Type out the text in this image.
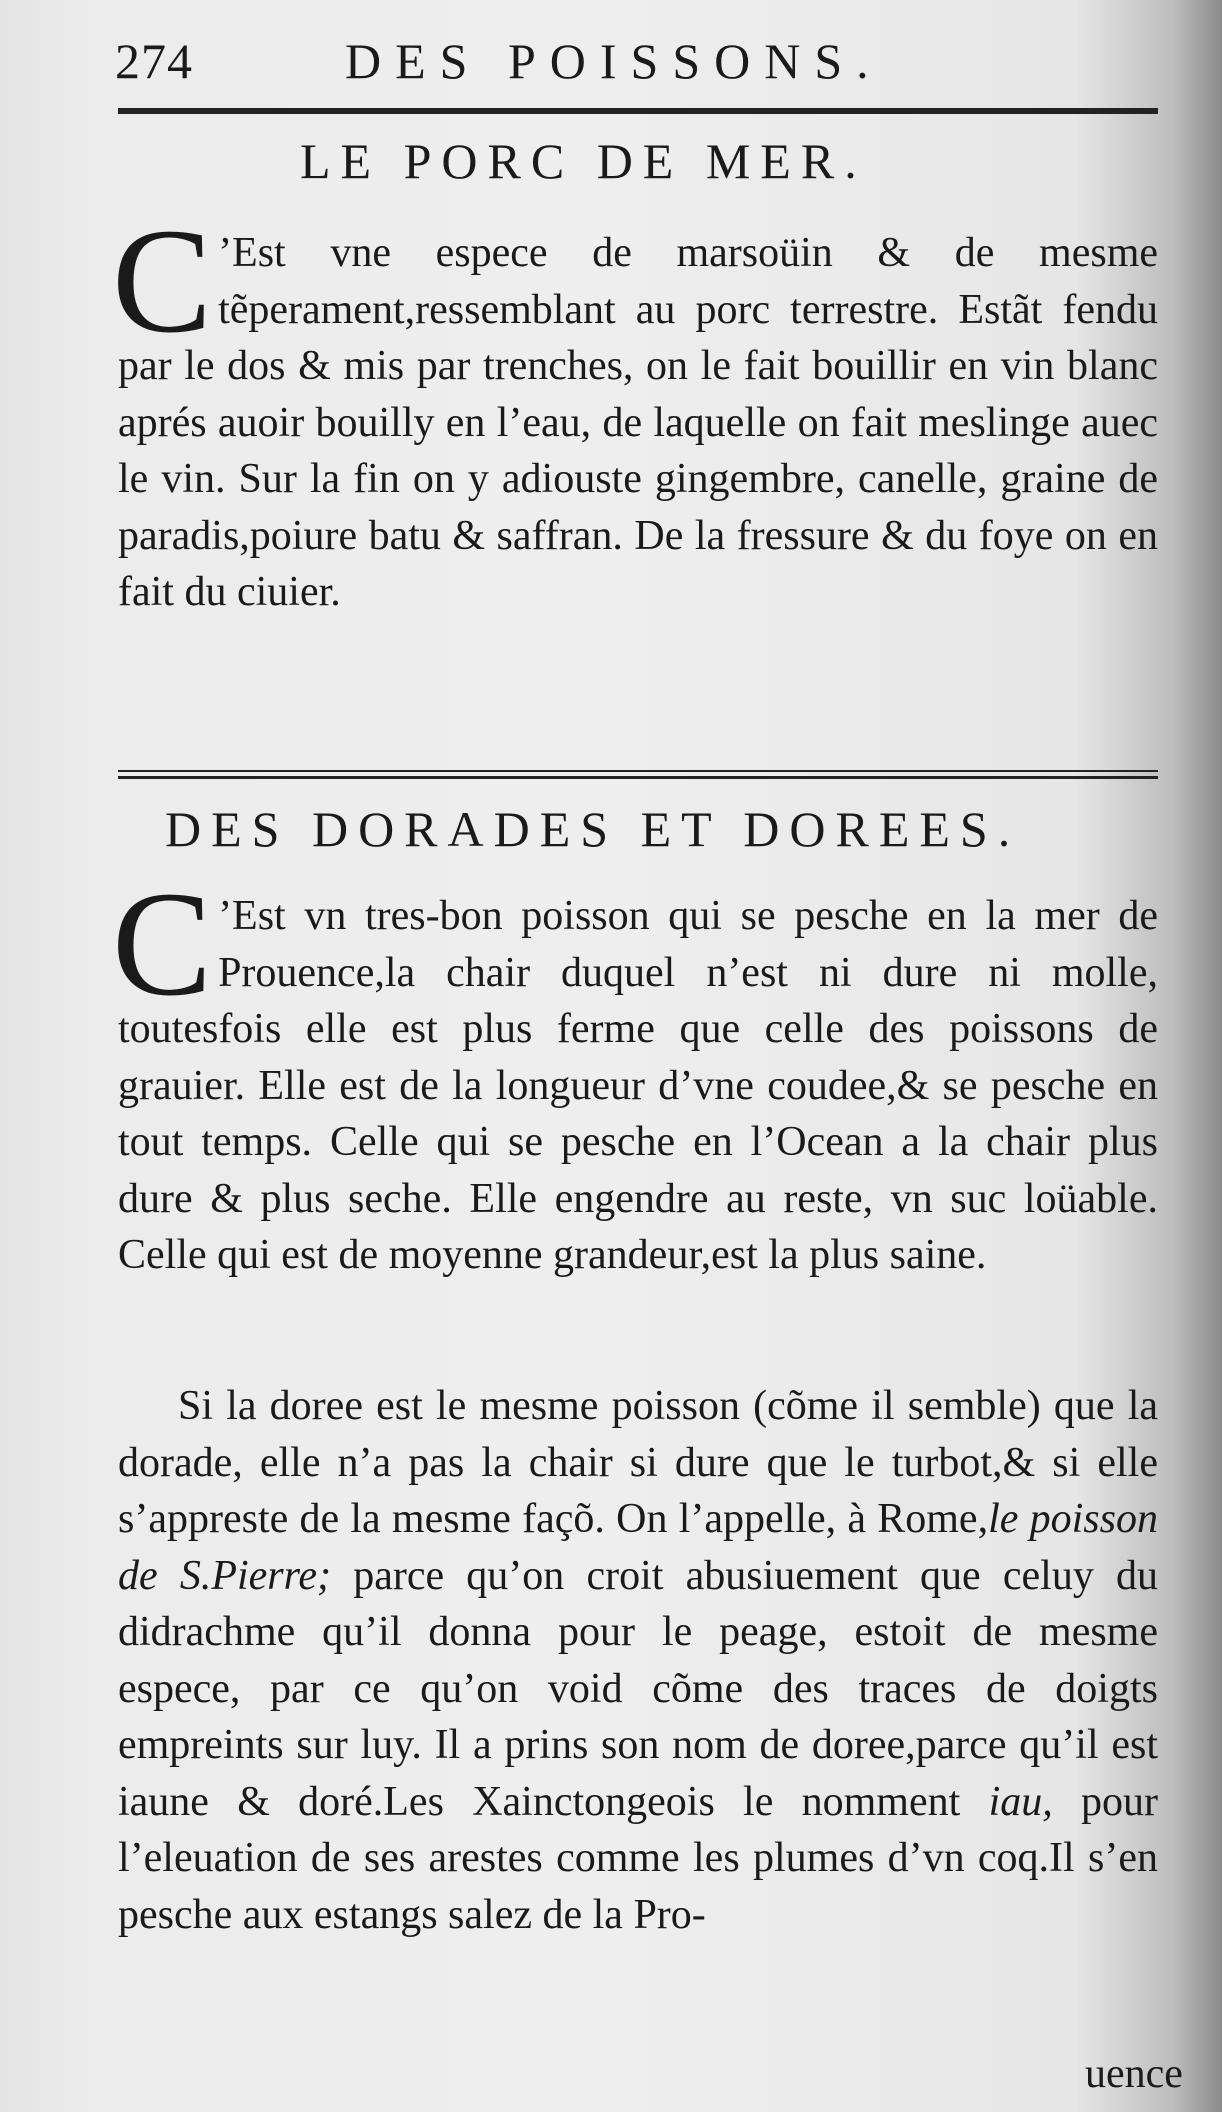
274	DES POISSONS.
LE PORC DE MER.
C ’Est vne espece de marsoüin & de mesme tẽperament,ressemblant au porc terrestre. Estãt fendu par le dos & mis par trenches, on le fait bouillir en vin blanc aprés auoir bouilly en l’eau, de laquelle on fait meslinge auec le vin. Sur la fin on y adiouste gingembre, canelle, graine de paradis,poiure batu & saffran. De la fressure & du foye on en fait du ciuier.
DES DORADES ET DOREES.
C ’Est vn tres-bon poisson qui se pesche en la mer de Prouence,la chair duquel n’est ni dure ni molle, toutesfois elle est plus ferme que celle des poissons de grauier. Elle est de la longueur d’vne coudee,& se pesche en tout temps. Celle qui se pesche en l’Ocean a la chair plus dure & plus seche. Elle engendre au reste, vn suc loüable. Celle qui est de moyenne grandeur,est la plus saine.
Si la doree est le mesme poisson (cõme il semble) que la dorade, elle n’a pas la chair si dure que le turbot,& si elle s’appreste de la mesme façõ. On l’appelle, à Rome,le poisson de S.Pierre; parce qu’on croit abusiuement que celuy du didrachme qu’il donna pour le peage, estoit de mesme espece, par ce qu’on void cõme des traces de doigts empreints sur luy. Il a prins son nom de doree,parce qu’il est iaune & doré.Les Xainctongeois le nomment iau, pour l’eleuation de ses arestes comme les plumes d’vn coq.Il s’en pesche aux estangs salez de la Pro-
uence
